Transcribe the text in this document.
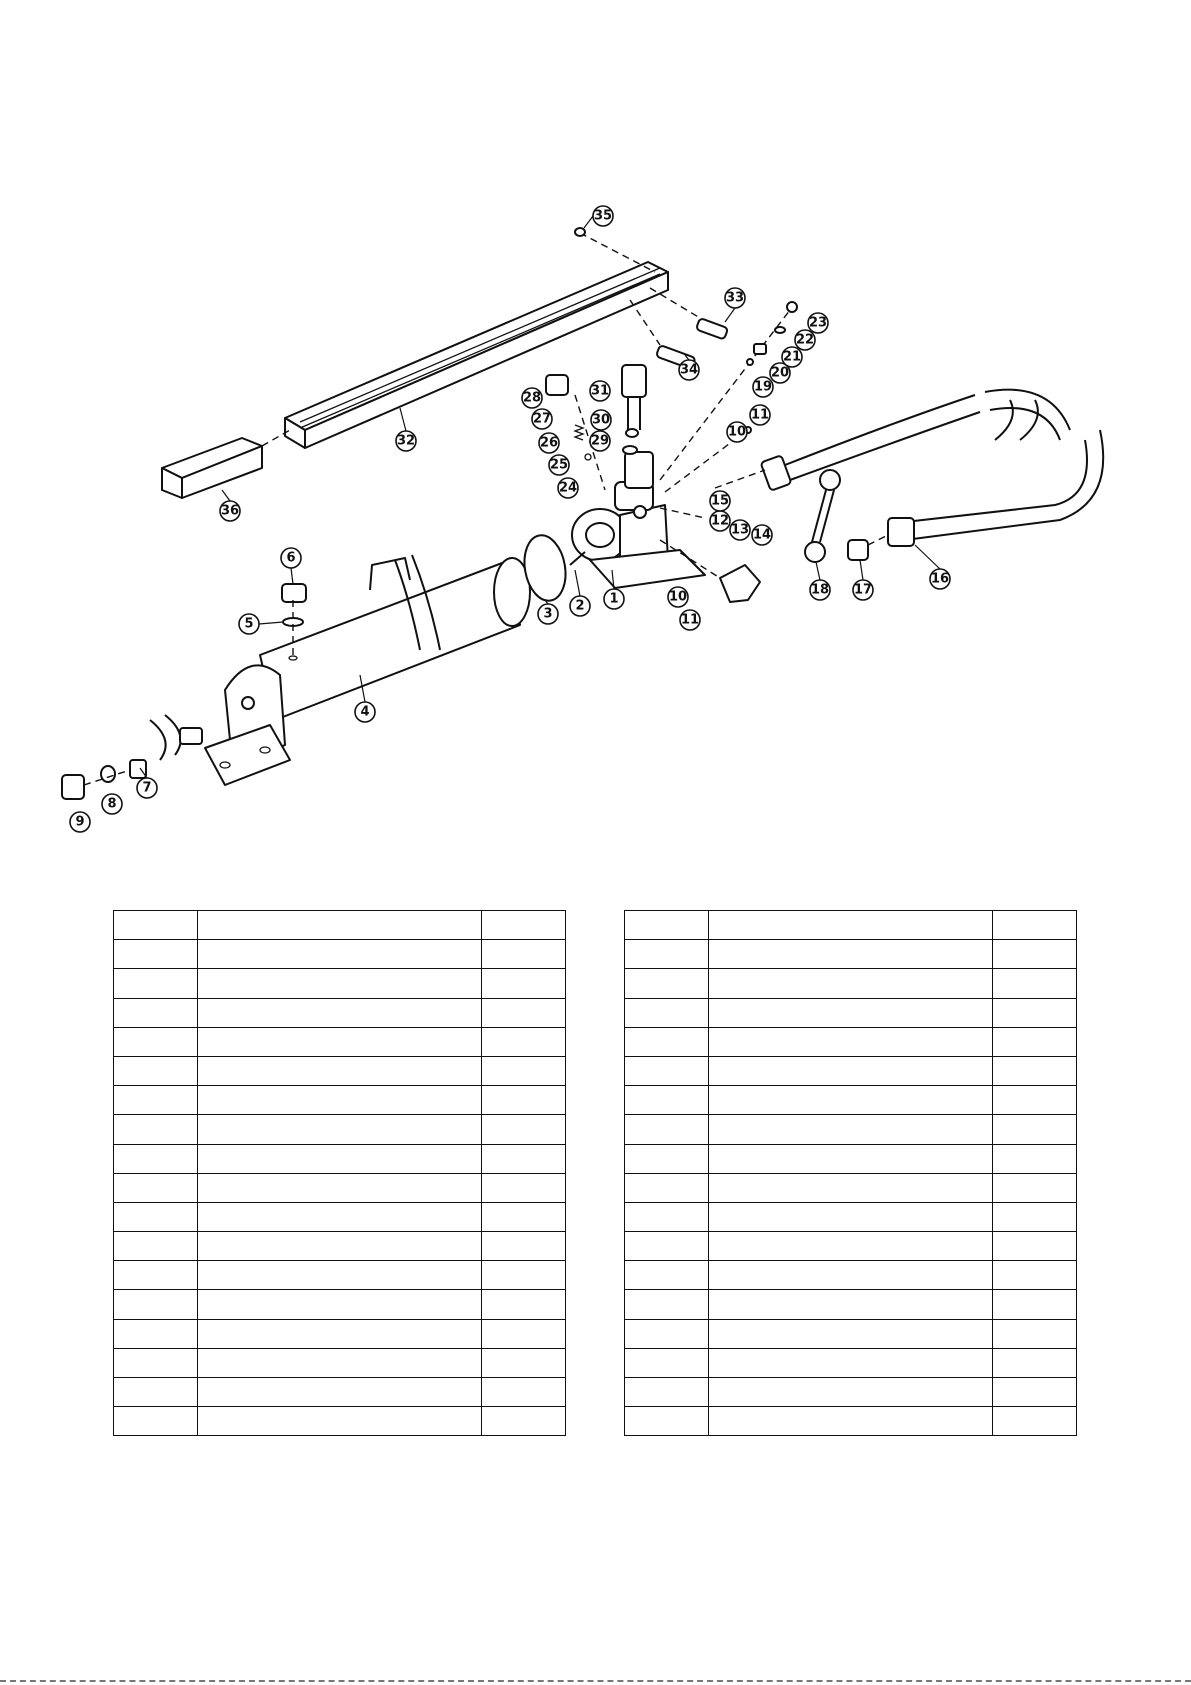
1
2
3
4
5
6
7
8
9
10
11
10
11
12
13 14
15
16
17
18
19
20
21
22
23
24
25
26
27
28
29
30
31
32
33
34
35
36
